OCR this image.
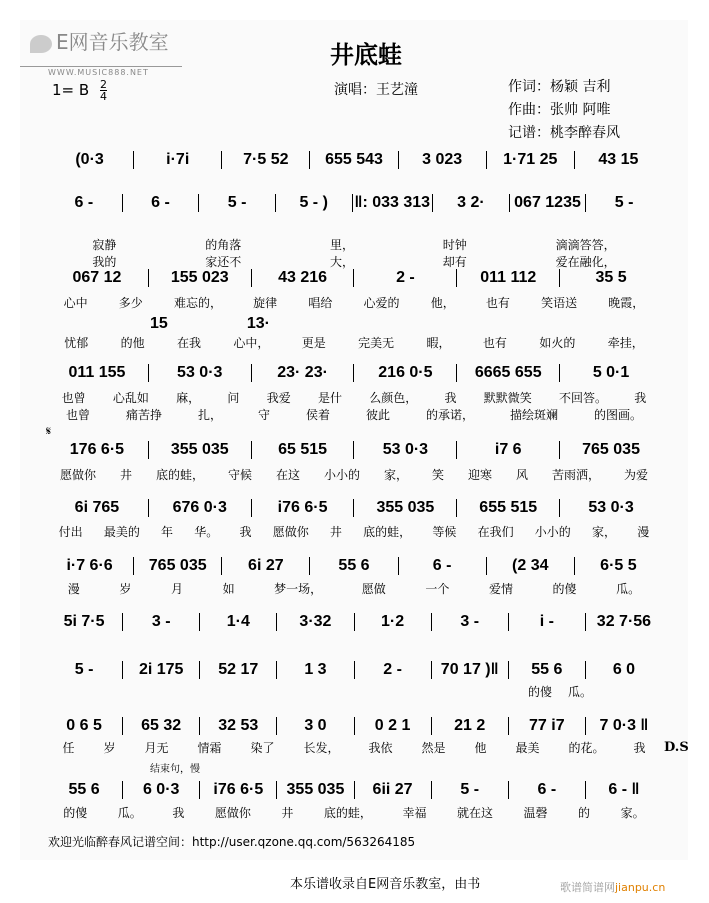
E网音乐教室
WWW.MUSIC888.NET
1= B $\frac{2}{4}$
井底蛙
演唱：王艺潼	作词：杨颖 吉利
作曲：张帅 阿唯
记谱：桃李醉春风
(0·3	i·7i	7·5 52	655 543	3 023	1·71 25	43 15
6 -	6 -	5 -	5 - )	‖: 033 313	3 2·	067 1235	5 -
067 12	155 023	43 216	2 -	011 112	35 5
011 155	53 0·3	23· 23·	216 0·5	6665 655	5 0·1
176 6·5	355 035	65 515	53 0·3	i7 6	765 035
6i 765	676 0·3	i76 6·5	355 035	655 515	53 0·3
i·7 6·6	765 035	6i 27	55 6	6 -	(2 34	6·5 5
5i 7·5	3 -	1·4	3·32	1·2	3 -	i -	32 7·56
5 -	2i 175	52 17	1 3	2 -	70 17 )‖	55 6	6 0
0 6 5	65 32	32 53	3 0	0 2 1	21 2	77 i7	7 0·3 ‖
55 6	6 0·3	i76 6·5	355 035	6ii 27	5 -	6 -	6 - ‖
寂静	的角落	里，	时钟	滴滴答答，
我的	家还不	大，	却有	爱在融化，
心中	多少	难忘的，	旋律	唱给	心爱的	他，	也有	笑语送	晚霞，
忧郁	的他	在我	心中，	更是	完美无	暇，	也有	如火的	牵挂，
也曾 心乱如 麻， 问 我爱 是什 么颜色， 我 默默微笑 不回答。 我
也曾	痛苦挣	扎，	守	侯着	彼此	的承诺，	描绘斑斓	的图画。
愿做你 井 底的蛙， 守候 在这 小小的 家， 笑 迎寒 风 苦雨洒， 为爱
付出 最美的 年 华。 我 愿做你 井 底的蛙， 等候 在我们 小小的 家， 漫
漫	岁	月	如	梦一场，	愿做	一个	爱情	的傻	瓜。
的傻 瓜。
任 岁 月无 情霜 染了 长发， 我依 然是 他 最美 的花。 我
的傻	瓜。	我	愿做你	井	底的蛙，	幸福	就在这	温磬	的	家。
𝄋
D.S
结束句，慢
15	13·
欢迎光临醉春风记谱空间：http://user.qzone.qq.com/563264185
本乐谱收录自E网音乐教室，由书	歌谱简谱网jianpu.cn
